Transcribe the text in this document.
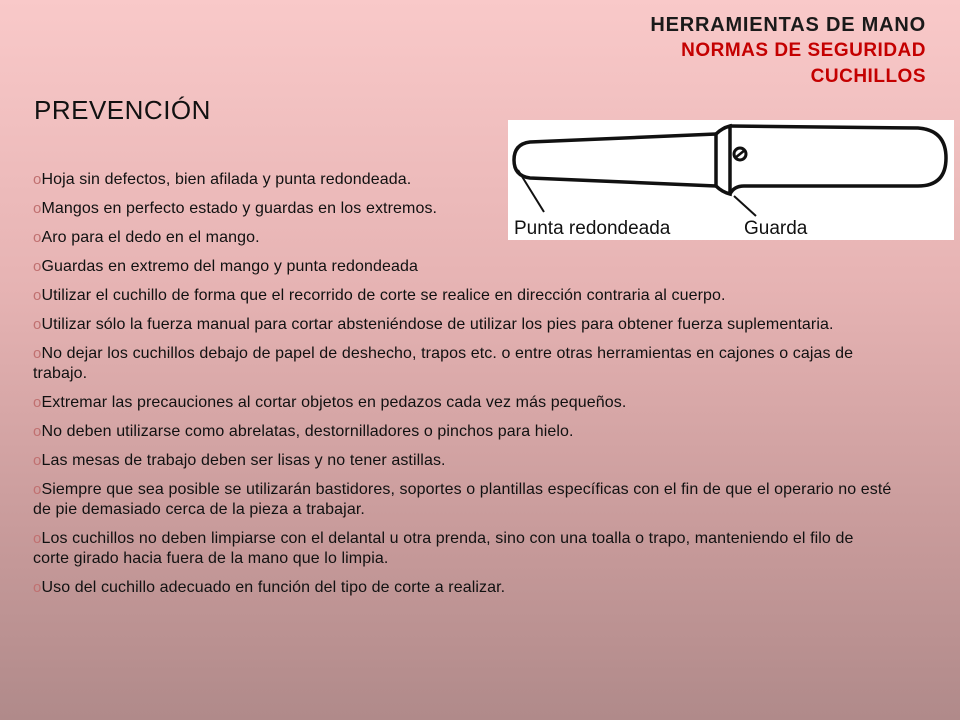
HERRAMIENTAS DE MANO
NORMAS DE SEGURIDAD
CUCHILLOS
PREVENCIÓN
Punta redondeada	Guarda
oHoja sin defectos, bien afilada y punta redondeada.
oMangos en perfecto estado y guardas en los extremos.
oAro para el dedo en el mango.
oGuardas en extremo del mango y punta redondeada
oUtilizar el cuchillo de forma que el recorrido de corte se realice en dirección contraria al cuerpo.
oUtilizar sólo la fuerza manual para cortar absteniéndose de utilizar los pies para obtener fuerza suplementaria.
oNo dejar los cuchillos debajo de papel de deshecho, trapos etc. o entre otras herramientas en cajones o cajas de trabajo.
oExtremar las precauciones al cortar objetos en pedazos cada vez más pequeños.
oNo deben utilizarse como abrelatas, destornilladores o pinchos para hielo.
oLas mesas de trabajo deben ser lisas y no tener astillas.
oSiempre que sea posible se utilizarán bastidores, soportes o plantillas específicas con el fin de que el operario no esté de pie demasiado cerca de la pieza a trabajar.
oLos cuchillos no deben limpiarse con el delantal u otra prenda, sino con una toalla o trapo, manteniendo el filo de corte girado hacia fuera de la mano que lo limpia.
oUso del cuchillo adecuado en función del tipo de corte a realizar.
